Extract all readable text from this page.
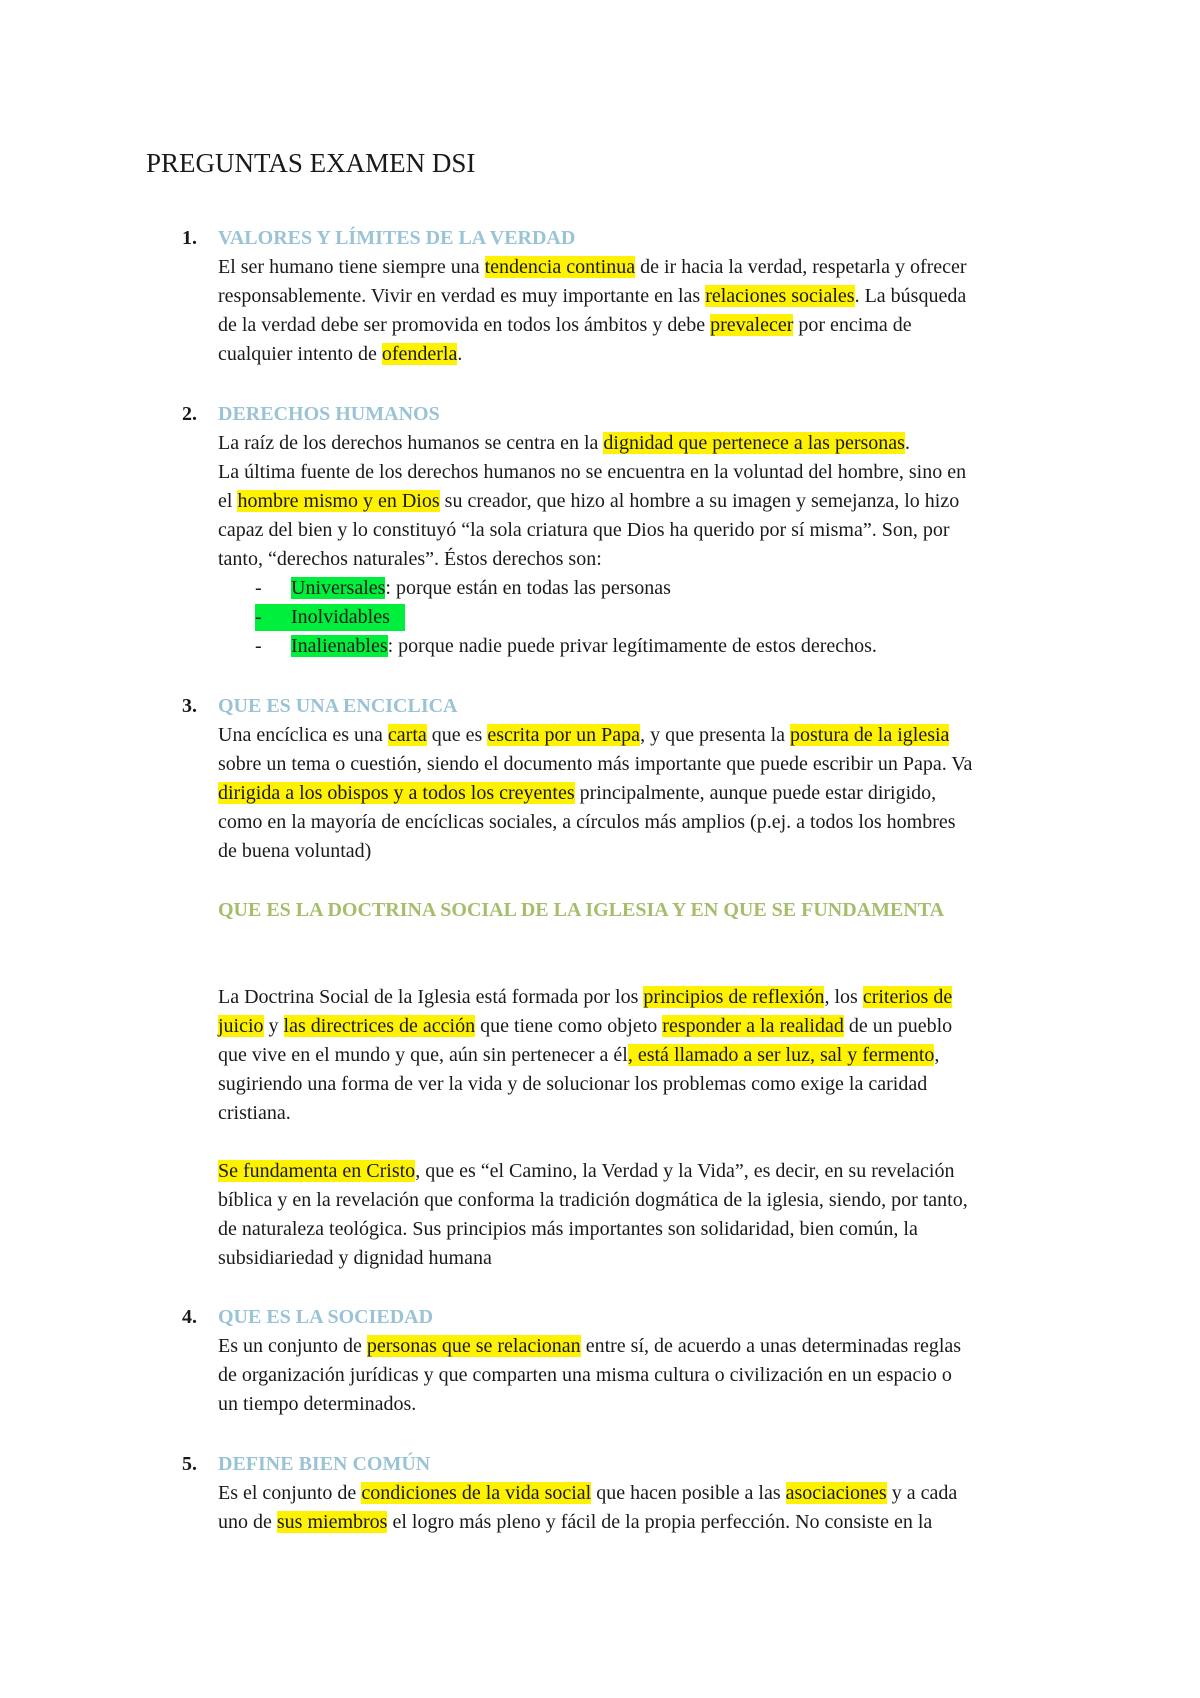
PREGUNTAS EXAMEN DSI
1. VALORES Y LÍMITES DE LA VERDAD
El ser humano tiene siempre una tendencia continua de ir hacia la verdad, respetarla y ofrecer
responsablemente. Vivir en verdad es muy importante en las relaciones sociales. La búsqueda
de la verdad debe ser promovida en todos los ámbitos y debe prevalecer por encima de
cualquier intento de ofenderla.
2. DERECHOS HUMANOS
La raíz de los derechos humanos se centra en la dignidad que pertenece a las personas.
La última fuente de los derechos humanos no se encuentra en la voluntad del hombre, sino en
el hombre mismo y en Dios su creador, que hizo al hombre a su imagen y semejanza, lo hizo
capaz del bien y lo constituyó “la sola criatura que Dios ha querido por sí misma”. Son, por
tanto, “derechos naturales”. Éstos derechos son:
- Universales: porque están en todas las personas
- Inolvidables
- Inalienables: porque nadie puede privar legítimamente de estos derechos.
3. QUE ES UNA ENCICLICA
Una encíclica es una carta que es escrita por un Papa, y que presenta la postura de la iglesia
sobre un tema o cuestión, siendo el documento más importante que puede escribir un Papa. Va
dirigida a los obispos y a todos los creyentes principalmente, aunque puede estar dirigido,
como en la mayoría de encíclicas sociales, a círculos más amplios (p.ej. a todos los hombres
de buena voluntad)
QUE ES LA DOCTRINA SOCIAL DE LA IGLESIA Y EN QUE SE FUNDAMENTA
La Doctrina Social de la Iglesia está formada por los principios de reflexión, los criterios de
juicio y las directrices de acción que tiene como objeto responder a la realidad de un pueblo
que vive en el mundo y que, aún sin pertenecer a él, está llamado a ser luz, sal y fermento,
sugiriendo una forma de ver la vida y de solucionar los problemas como exige la caridad
cristiana.
Se fundamenta en Cristo, que es “el Camino, la Verdad y la Vida”, es decir, en su revelación
bíblica y en la revelación que conforma la tradición dogmática de la iglesia, siendo, por tanto,
de naturaleza teológica. Sus principios más importantes son solidaridad, bien común, la
subsidiariedad y dignidad humana
4. QUE ES LA SOCIEDAD
Es un conjunto de personas que se relacionan entre sí, de acuerdo a unas determinadas reglas
de organización jurídicas y que comparten una misma cultura o civilización en un espacio o
un tiempo determinados.
5. DEFINE BIEN COMÚN
Es el conjunto de condiciones de la vida social que hacen posible a las asociaciones y a cada
uno de sus miembros el logro más pleno y fácil de la propia perfección. No consiste en la
